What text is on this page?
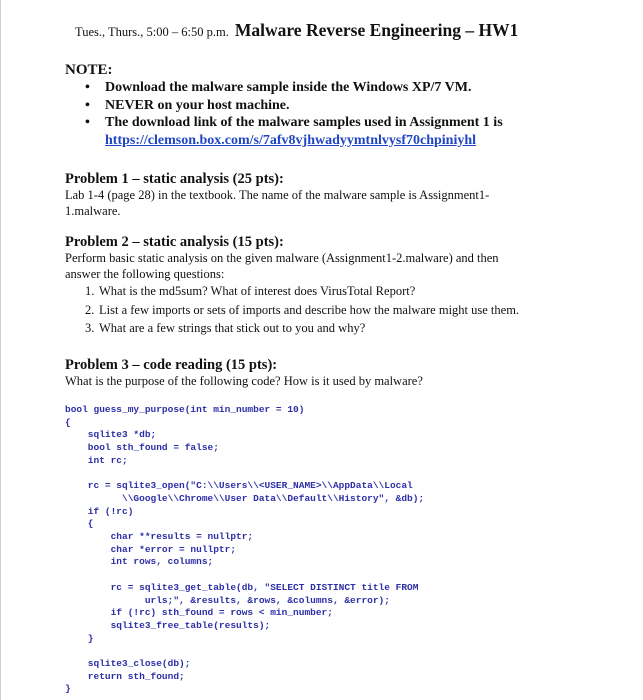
Tues., Thurs., 5:00 – 6:50 p.m. Malware Reverse Engineering – HW1
NOTE:
• Download the malware sample inside the Windows XP/7 VM.
• NEVER on your host machine.
• The download link of the malware samples used in Assignment 1 is https://clemson.box.com/s/7afv8vjhwadyymtnlvysf70chpiniyhl
Problem 1 – static analysis (25 pts):

Lab 1-4 (page 28) in the textbook. The name of the malware sample is Assignment1-1.malware.

Problem 2 – static analysis (15 pts):

Perform basic static analysis on the given malware (Assignment1-2.malware) and then answer the following questions:

1. What is the md5sum? What of interest does VirusTotal Report?
2. List a few imports or sets of imports and describe how the malware might use them.
3. What are a few strings that stick out to you and why?
Problem 3 – code reading (15 pts):

What is the purpose of the following code? How is it used by malware?

bool guess_my_purpose(int min_number = 10)
{
sqlite3 *db;
bool sth_found = false;
int rc;

rc = sqlite3_open("C:\\Users\\<USER_NAME>\\AppData\\Local
\\Google\\Chrome\\User Data\\Default\\History", &db);
if (!rc)
{
char **results = nullptr;
char *error = nullptr;
int rows, columns;

rc = sqlite3_get_table(db, "SELECT DISTINCT title FROM
urls;", &results, &rows, &columns, &error);
if (!rc) sth_found = rows < min_number;
sqlite3_free_table(results);
}

sqlite3_close(db);
return sth_found;
}
